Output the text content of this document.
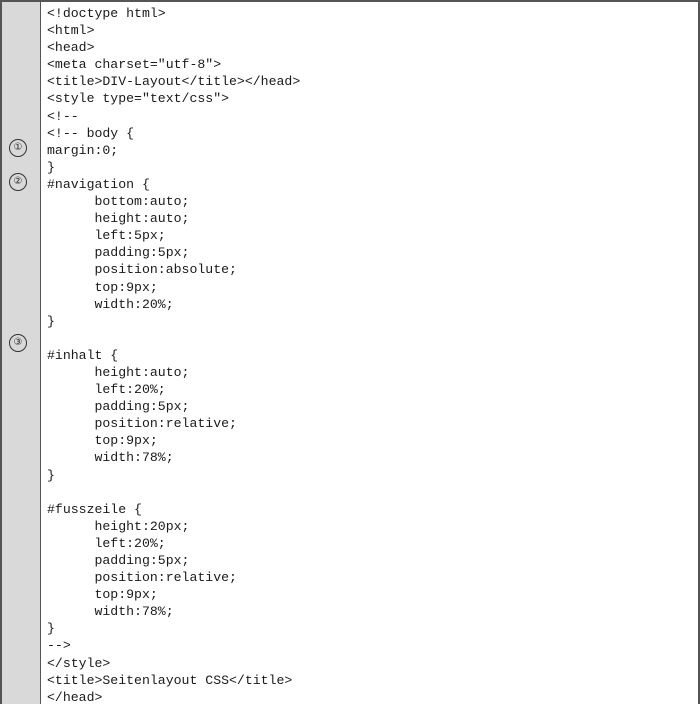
①
②
③
<!doctype html>
<html>
<head>
<meta charset="utf-8">
<title>DIV-Layout</title></head>
<style type="text/css">
<!--
<!-- body {
margin:0;
}
#navigation {
bottom:auto;
height:auto;
left:5px;
padding:5px;
position:absolute;
top:9px;
width:20%;
}
#inhalt {
height:auto;
left:20%;
padding:5px;
position:relative;
top:9px;
width:78%;
}
#fusszeile {
height:20px;
left:20%;
padding:5px;
position:relative;
top:9px;
width:78%;
}
-->
</style>
<title>Seitenlayout CSS</title>
</head>
